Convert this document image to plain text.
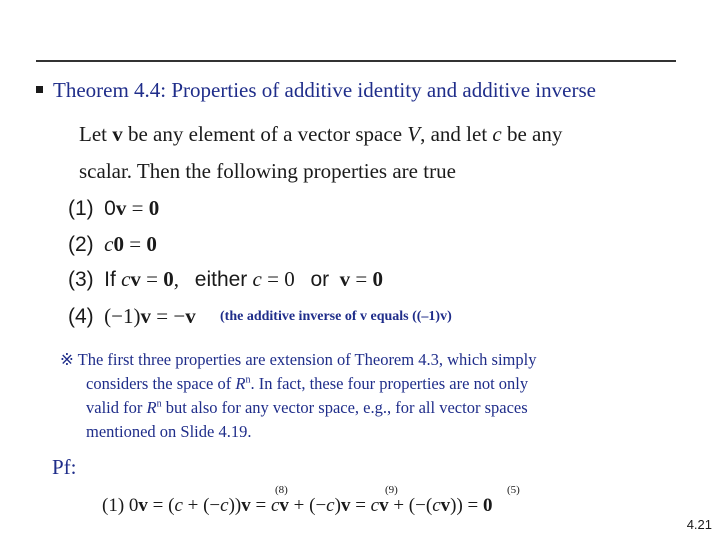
Theorem 4.4: Properties of additive identity and additive inverse
Let v be any element of a vector space V, and let c be any
scalar. Then the following properties are true
(1) 0v = 0
(2) c0 = 0
(3) If cv = 0,   either c = 0   or v = 0
(4)  (−1)v = −v (the additive inverse of v equals ((–1)v)
※ The first three properties are extension of Theorem 4.3, which simply
considers the space of $R^n$. In fact, these four properties are not only
valid for $R^n$ but also for any vector space, e.g., for all vector spaces
mentioned on Slide 4.19.
Pf:
(8)	(9)	(5)
(1) 0v = (c + (−c))v = cv + (−c)v = cv + (−(cv)) = 0
4.21
